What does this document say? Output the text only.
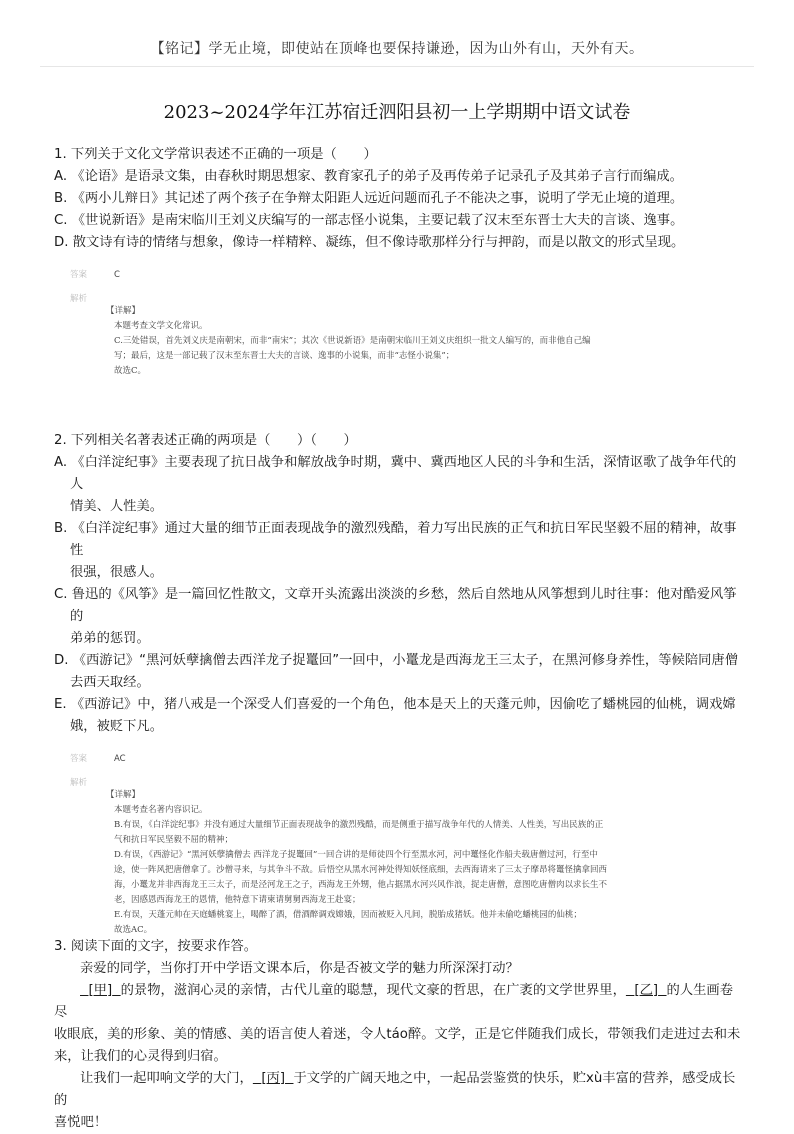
【铭记】学无止境，即使站在顶峰也要保持谦逊，因为山外有山，天外有天。
2023~2024学年江苏宿迁泗阳县初一上学期期中语文试卷

1. 下列关于文化文学常识表述不正确的一项是（　　）

A. 《论语》是语录文集，由春秋时期思想家、教育家孔子的弟子及再传弟子记录孔子及其弟子言行而编成。

B. 《两小儿辩日》其记述了两个孩子在争辩太阳距人远近问题而孔子不能决之事，说明了学无止境的道理。

C. 《世说新语》是南宋临川王刘义庆编写的一部志怪小说集，主要记载了汉末至东晋士大夫的言谈、逸事。

D. 散文诗有诗的情绪与想象，像诗一样精粹、凝练，但不像诗歌那样分行与押韵，而是以散文的形式呈现。

答案	C
解析

【详解】

本题考查文学文化常识。

C.三处错误，首先刘义庆是南朝宋，而非“南宋”；其次《世说新语》是南朝宋临川王刘义庆组织一批文人编写的，而非他自己编

写；最后，这是一部记载了汉末至东晋士大夫的言谈、逸事的小说集，而非“志怪小说集”；

故选C。

2. 下列相关名著表述正确的两项是（　　）（　　）

A. 《白洋淀纪事》主要表现了抗日战争和解放战争时期，冀中、冀西地区人民的斗争和生活，深情讴歌了战争年代的人
情美、人性美。

B. 《白洋淀纪事》通过大量的细节正面表现战争的激烈残酷，着力写出民族的正气和抗日军民坚毅不屈的精神，故事性
很强，很感人。

C. 鲁迅的《风筝》是一篇回忆性散文，文章开头流露出淡淡的乡愁，然后自然地从风筝想到儿时往事：他对酷爱风筝的
弟弟的惩罚。

D. 《西游记》“黑河妖孽擒僧去西洋龙子捉鼍回”一回中，小鼍龙是西海龙王三太子，在黑河修身养性，等候陪同唐僧
去西天取经。

E. 《西游记》中，猪八戒是一个深受人们喜爱的一个角色，他本是天上的天蓬元帅，因偷吃了蟠桃园的仙桃，调戏嫦
娥，被贬下凡。

答案	AC
解析

【详解】

本题考查名著内容识记。

B.有误，《白洋淀纪事》并没有通过大量细节正面表现战争的激烈残酷，而是侧重于描写战争年代的人情美、人性美，写出民族的正

气和抗日军民坚毅不屈的精神；

D.有误，《西游记》“黑河妖孽擒僧去 西洋龙子捉鼍回”一回合讲的是师徒四个行至黑水河，河中鼍怪化作船夫载唐僧过河，行至中

途，使一阵风把唐僧拿了。沙僧寻来，与其争斗不敌。后悟空从黑水河神处得知妖怪底细，去西海请来了三太子摩昂将鼍怪擒拿回西

海，小鼍龙并非西海龙王三太子，而是泾河龙王之子，西海龙王外甥，他占据黑水河兴风作浪，捉走唐僧，意图吃唐僧肉以求长生不

老，因感恩西海龙王的恩情，他特意下请柬请舅舅西海龙王赴宴；

E.有误，天蓬元帅在天庭蟠桃宴上，喝醉了酒，借酒醉调戏嫦娥，因而被贬入凡间，脱胎成猪妖。他并未偷吃蟠桃园的仙桃；

故选AC。

3. 阅读下面的文字，按要求作答。

亲爱的同学，当你打开中学语文课本后，你是否被文学的魅力所深深打动？

[甲] 的景物，滋润心灵的亲情，古代儿童的聪慧，现代文豪的哲思，在广袤的文学世界里， [乙] 的人生画卷尽

收眼底，美的形象、美的情感、美的语言使人着迷，令人táo醉。文学，正是它伴随我们成长，带领我们走进过去和未

来，让我们的心灵得到归宿。

让我们一起叩响文学的大门， [丙] 于文学的广阔天地之中，一起品尝鉴赏的快乐，贮xù丰富的营养，感受成长的

喜悦吧！
